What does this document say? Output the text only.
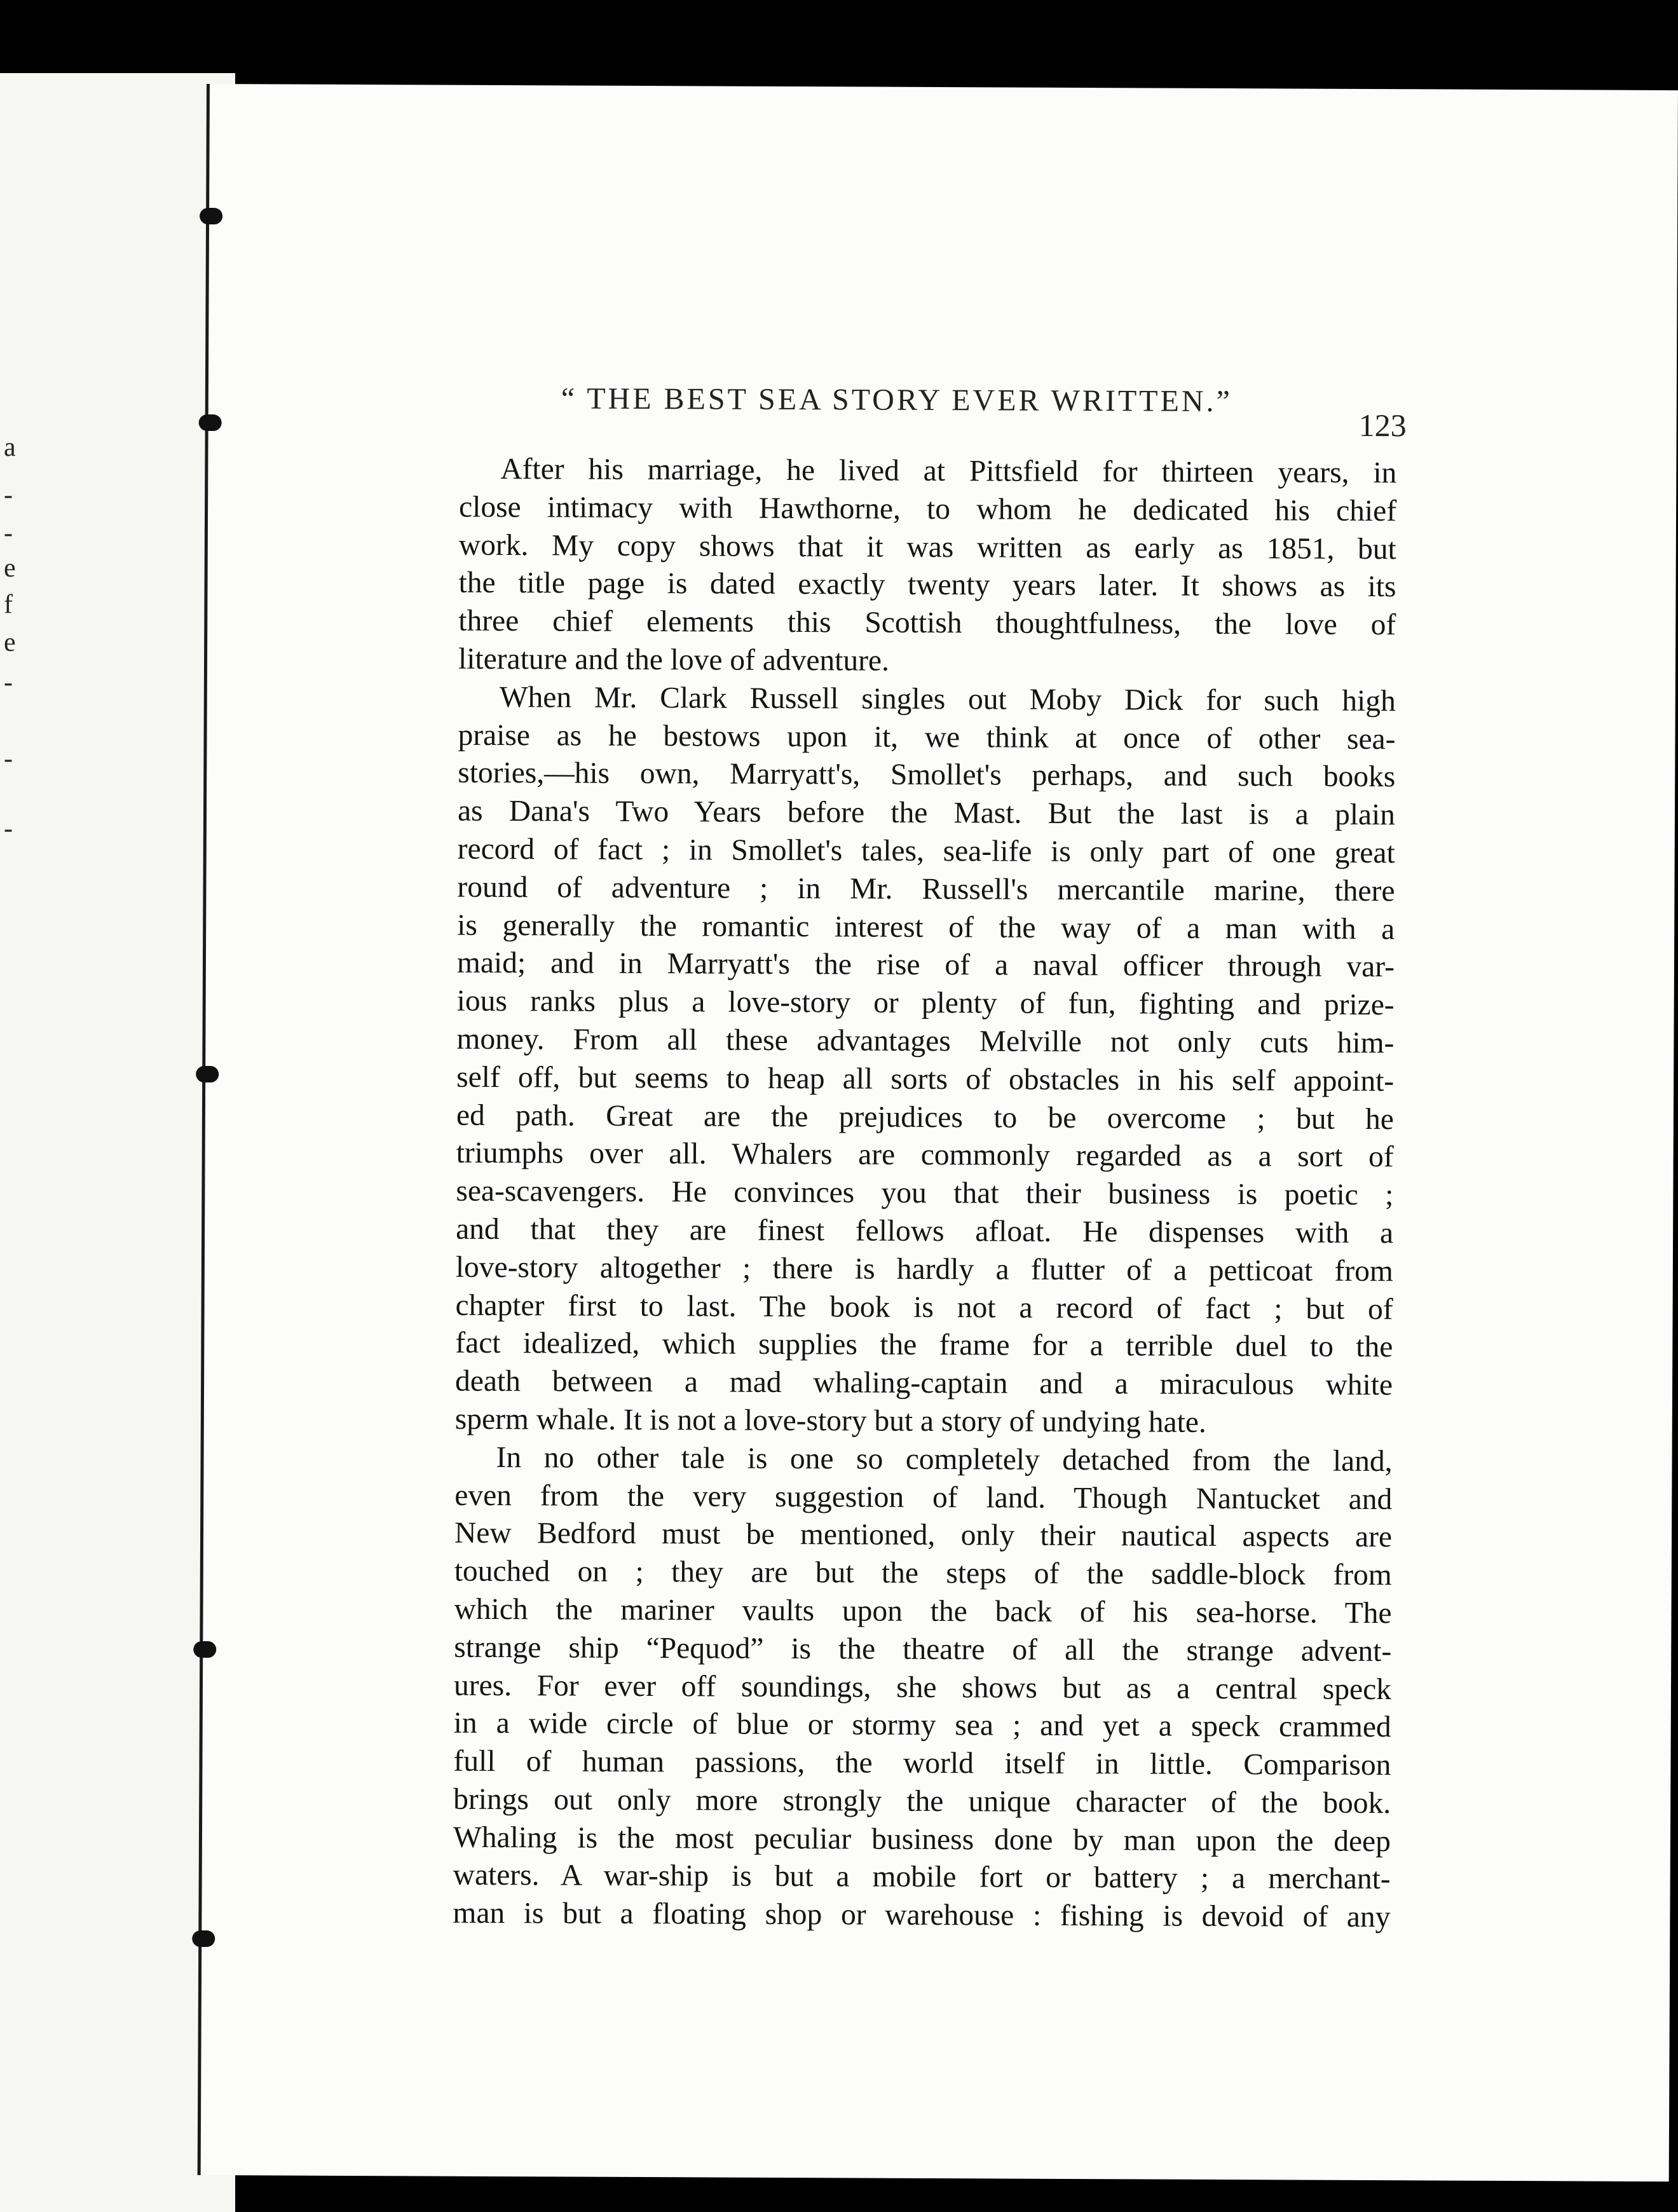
a
-
-
e
f
e
-
-
-
“ THE BEST SEA STORY EVER WRITTEN.”
123
After his marriage, he lived at Pittsfield for thirteen years, in
close intimacy with Hawthorne, to whom he dedicated his chief
work. My copy shows that it was written as early as 1851, but
the title page is dated exactly twenty years later. It shows as its
three chief elements this Scottish thoughtfulness, the love of
literature and the love of adventure.
When Mr. Clark Russell singles out Moby Dick for such high
praise as he bestows upon it, we think at once of other sea-
stories,—his own, Marryatt's, Smollet's perhaps, and such books
as Dana's Two Years before the Mast. But the last is a plain
record of fact ; in Smollet's tales, sea-life is only part of one great
round of adventure ; in Mr. Russell's mercantile marine, there
is generally the romantic interest of the way of a man with a
maid; and in Marryatt's the rise of a naval officer through var-
ious ranks plus a love-story or plenty of fun, fighting and prize-
money. From all these advantages Melville not only cuts him-
self off, but seems to heap all sorts of obstacles in his self appoint-
ed path. Great are the prejudices to be overcome ; but he
triumphs over all. Whalers are commonly regarded as a sort of
sea-scavengers. He convinces you that their business is poetic ;
and that they are finest fellows afloat. He dispenses with a
love-story altogether ; there is hardly a flutter of a petticoat from
chapter first to last. The book is not a record of fact ; but of
fact idealized, which supplies the frame for a terrible duel to the
death between a mad whaling-captain and a miraculous white
sperm whale. It is not a love-story but a story of undying hate.
In no other tale is one so completely detached from the land,
even from the very suggestion of land. Though Nantucket and
New Bedford must be mentioned, only their nautical aspects are
touched on ; they are but the steps of the saddle-block from
which the mariner vaults upon the back of his sea-horse. The
strange ship “Pequod” is the theatre of all the strange advent-
ures. For ever off soundings, she shows but as a central speck
in a wide circle of blue or stormy sea ; and yet a speck crammed
full of human passions, the world itself in little. Comparison
brings out only more strongly the unique character of the book.
Whaling is the most peculiar business done by man upon the deep
waters. A war-ship is but a mobile fort or battery ; a merchant-
man is but a floating shop or warehouse : fishing is devoid of any
